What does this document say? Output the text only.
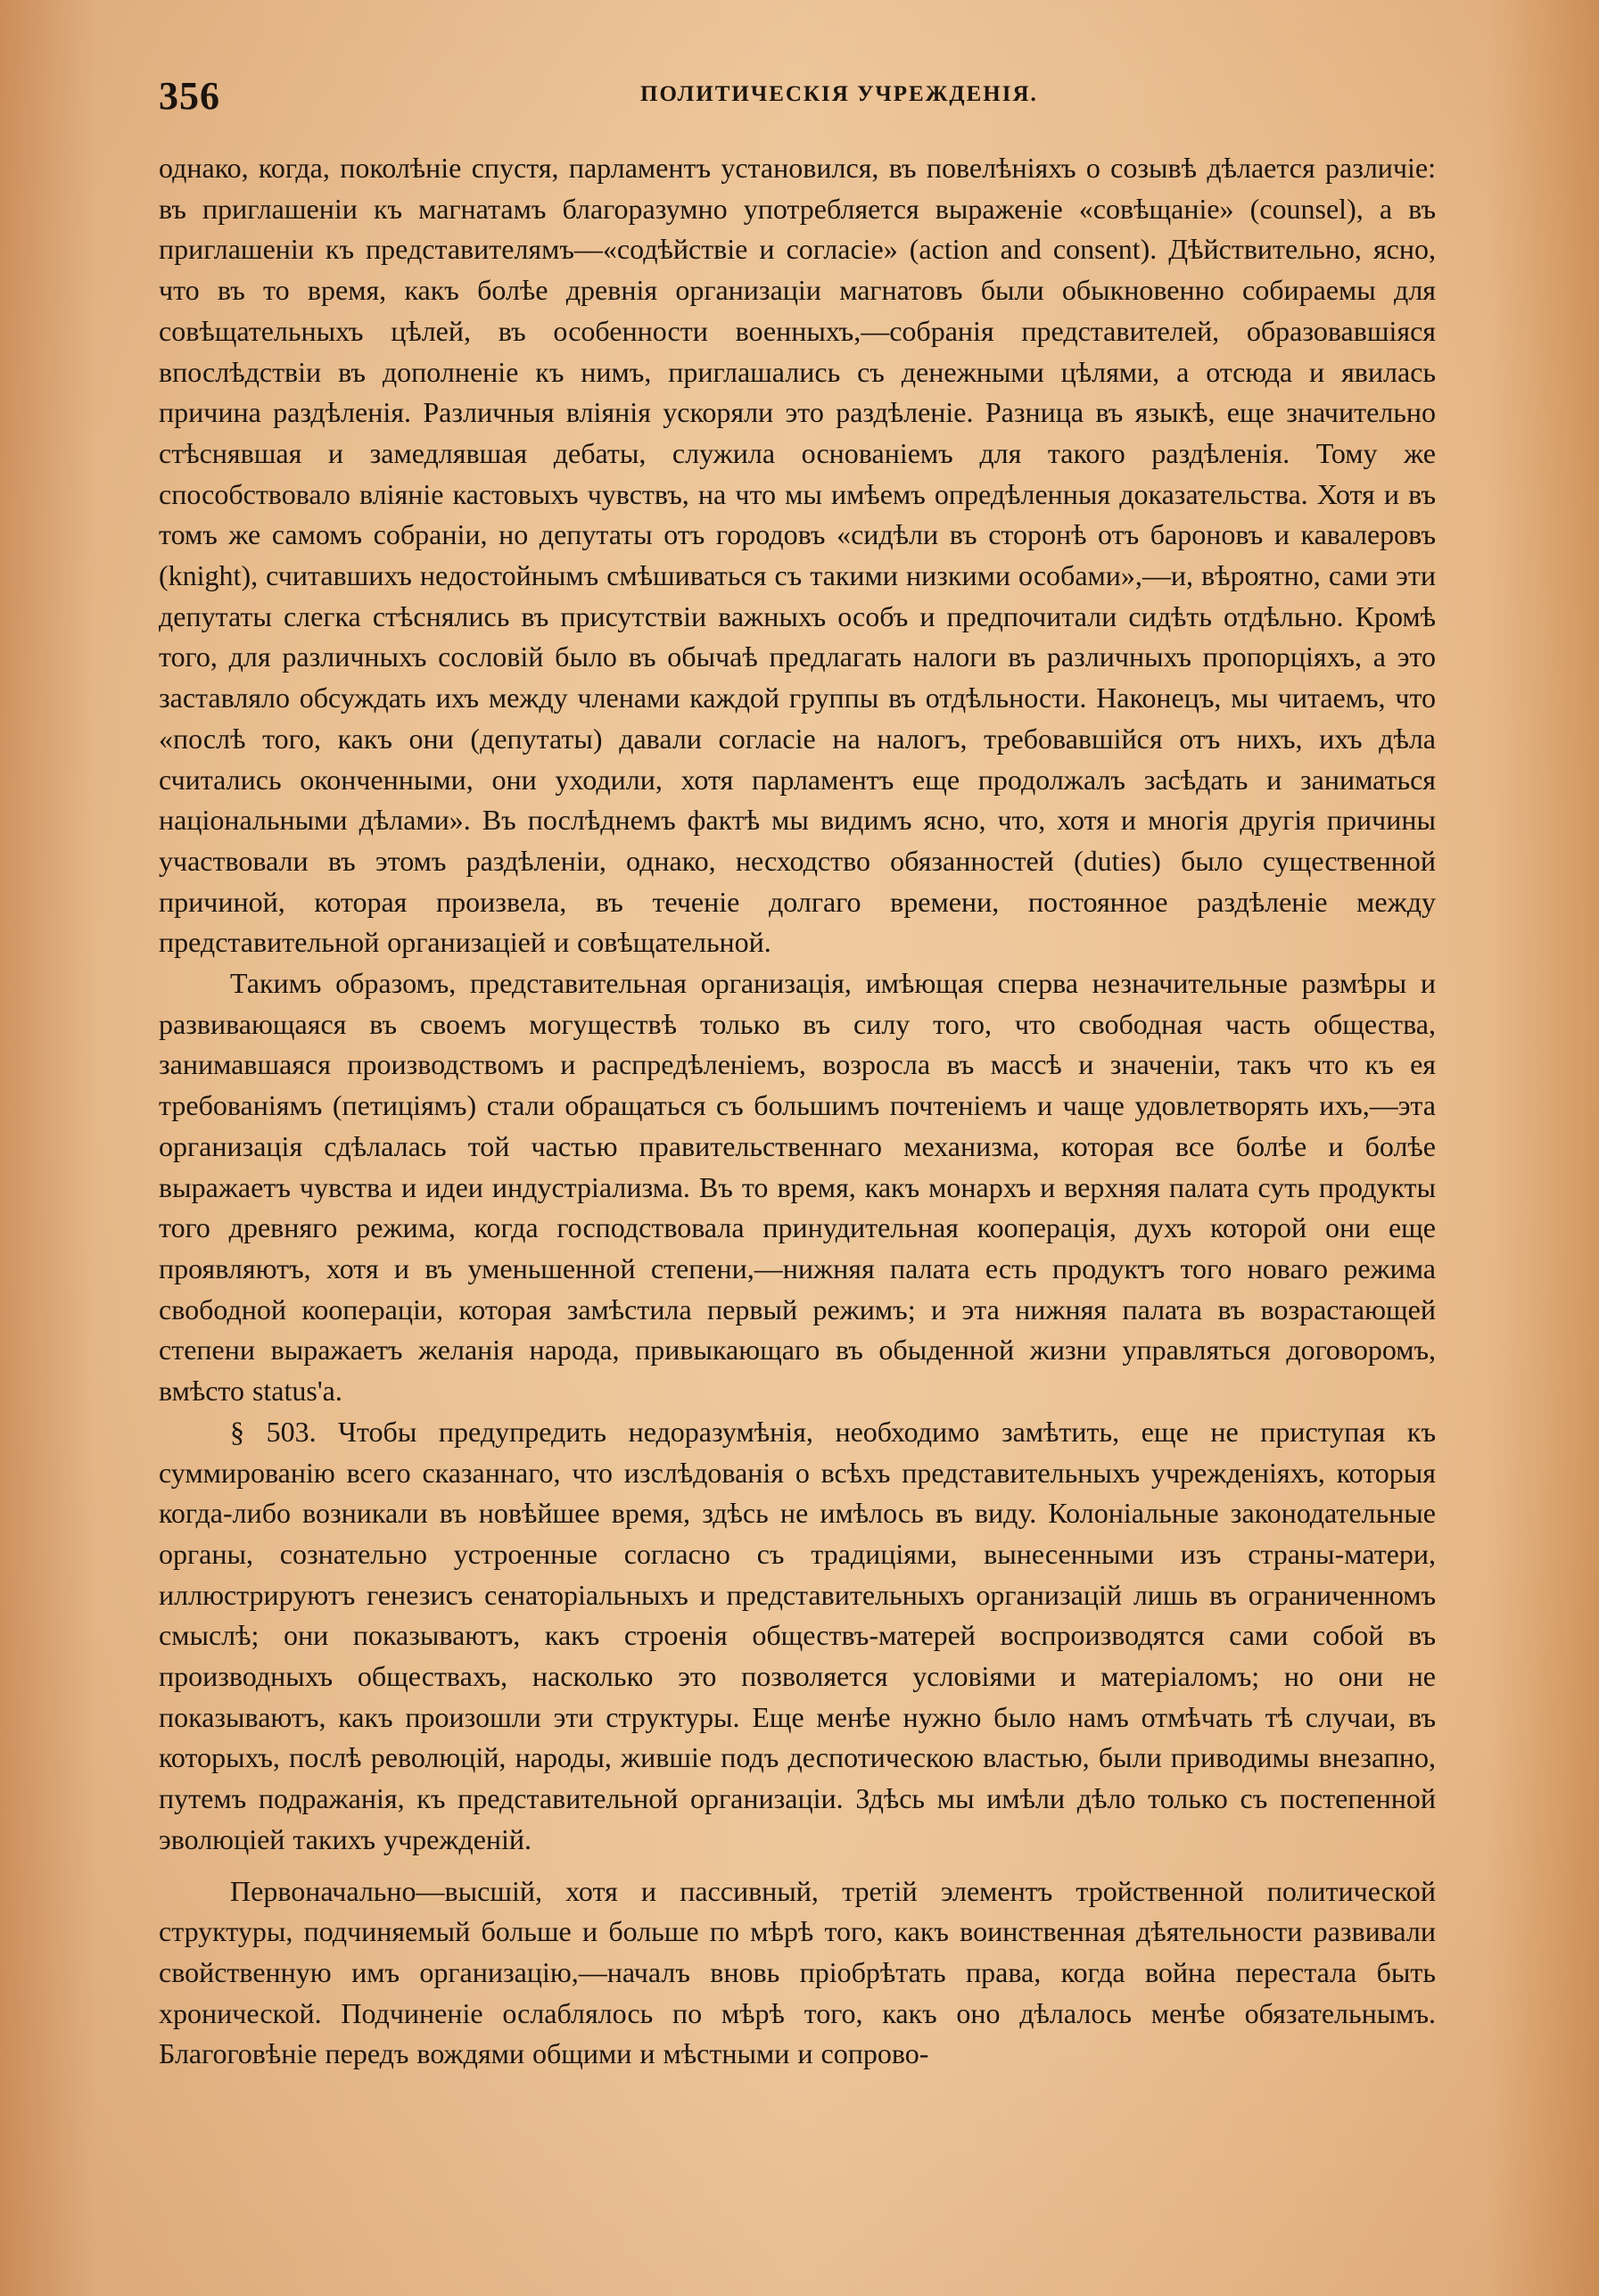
356	ПОЛИТИЧЕСКІЯ УЧРЕЖДЕНІЯ.

однако, когда, поколѣніе спустя, парламентъ установился, въ повелѣніяхъ о созывѣ дѣлается различіе: въ приглашеніи къ магнатамъ благоразумно употребляется выраженіе «совѣщаніе» (counsel), а въ приглашеніи къ представителямъ—«содѣйствіе и согласіе» (action and consent). Дѣйствительно, ясно, что въ то время, какъ болѣе древнія организаціи магнатовъ были обыкновенно собираемы для совѣщательныхъ цѣлей, въ особенности военныхъ,—собранія представителей, образовавшіяся впослѣдствіи въ дополненіе къ нимъ, приглашались съ денежными цѣлями, а отсюда и явилась причина раздѣленія. Различныя вліянія ускоряли это раздѣленіе. Разница въ языкѣ, еще значительно стѣснявшая и замедлявшая дебаты, служила основаніемъ для такого раздѣленія. Тому же способствовало вліяніе кастовыхъ чувствъ, на что мы имѣемъ опредѣленныя доказательства. Хотя и въ томъ же самомъ собраніи, но депутаты отъ городовъ «сидѣли въ сторонѣ отъ бароновъ и кавалеровъ (knight), считавшихъ недостойнымъ смѣшиваться съ такими низкими особами»,—и, вѣроятно, сами эти депутаты слегка стѣснялись въ присутствіи важныхъ особъ и предпочитали сидѣть отдѣльно. Кромѣ того, для различныхъ сословій было въ обычаѣ предлагать налоги въ различныхъ пропорціяхъ, а это заставляло обсуждать ихъ между членами каждой группы въ отдѣльности. Наконецъ, мы читаемъ, что «послѣ того, какъ они (депутаты) давали согласіе на налогъ, требовавшійся отъ нихъ, ихъ дѣла считались оконченными, они уходили, хотя парламентъ еще продолжалъ засѣдать и заниматься національными дѣлами». Въ послѣднемъ фактѣ мы видимъ ясно, что, хотя и многія другія причины участвовали въ этомъ раздѣленіи, однако, несходство обязанностей (duties) было существенной причиной, которая произвела, въ теченіе долгаго времени, постоянное раздѣленіе между представительной организаціей и совѣщательной.

Такимъ образомъ, представительная организація, имѣющая сперва незначительные размѣры и развивающаяся въ своемъ могуществѣ только въ силу того, что свободная часть общества, занимавшаяся производствомъ и распредѣленіемъ, возросла въ массѣ и значеніи, такъ что къ ея требованіямъ (петиціямъ) стали обращаться съ большимъ почтеніемъ и чаще удовлетворять ихъ,—эта организація сдѣлалась той частью правительственнаго механизма, которая все болѣе и болѣе выражаетъ чувства и идеи индустріализма. Въ то время, какъ монархъ и верхняя палата суть продукты того древняго режима, когда господствовала принудительная кооперація, духъ которой они еще проявляютъ, хотя и въ уменьшенной степени,—нижняя палата есть продуктъ того новаго режима свободной коопераціи, которая замѣстила первый режимъ; и эта нижняя палата въ возрастающей степени выражаетъ желанія народа, привыкающаго въ обыденной жизни управляться договоромъ, вмѣсто status'а.

§ 503. Чтобы предупредить недоразумѣнія, необходимо замѣтить, еще не приступая къ суммированію всего сказаннаго, что изслѣдованія о всѣхъ представительныхъ учрежденіяхъ, которыя когда-либо возникали въ новѣйшее время, здѣсь не имѣлось въ виду. Колоніальные законодательные органы, сознательно устроенные согласно съ традиціями, вынесенными изъ страны-матери, иллюстрируютъ генезисъ сенаторіальныхъ и представительныхъ организацій лишь въ ограниченномъ смыслѣ; они показываютъ, какъ строенія обществъ-матерей воспроизводятся сами собой въ производныхъ обществахъ, насколько это позволяется условіями и матеріаломъ; но они не показываютъ, какъ произошли эти структуры. Еще менѣе нужно было намъ отмѣчать тѣ случаи, въ которыхъ, послѣ революцій, народы, жившіе подъ деспотическою властью, были приводимы внезапно, путемъ подражанія, къ представительной организаціи. Здѣсь мы имѣли дѣло только съ постепенной эволюціей такихъ учрежденій.

Первоначально—высшій, хотя и пассивный, третій элементъ тройственной политической структуры, подчиняемый больше и больше по мѣрѣ того, какъ воинственная дѣятельности развивали свойственную имъ организацію,—началъ вновь пріобрѣтать права, когда война перестала быть хронической. Подчиненіе ослаблялось по мѣрѣ того, какъ оно дѣлалось менѣе обязательнымъ. Благоговѣніе передъ вождями общими и мѣстными и сопрово-
